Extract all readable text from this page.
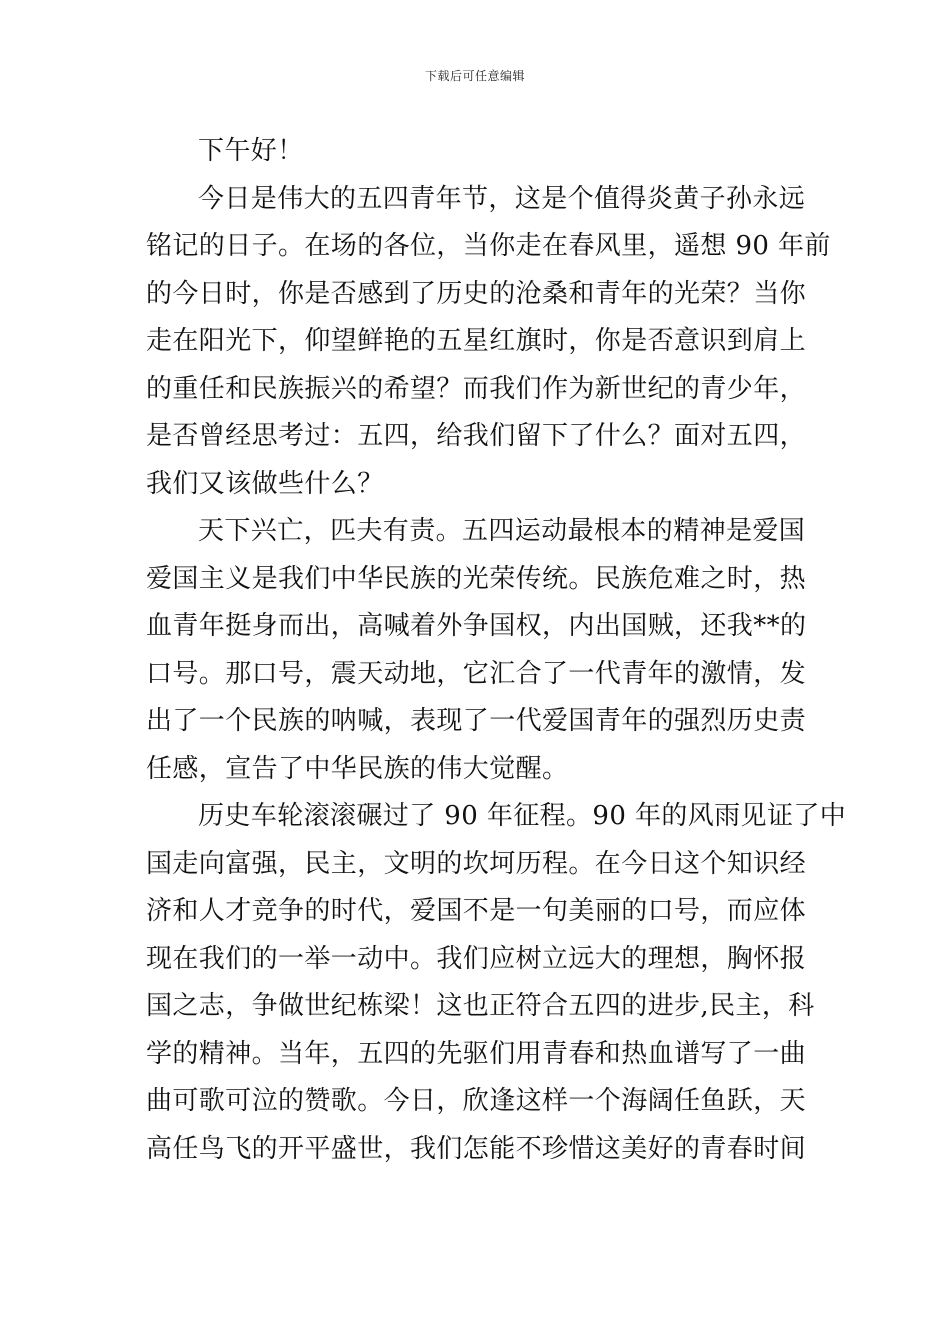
下载后可任意编辑
下午好！
今日是伟大的五四青年节，这是个值得炎黄子孙永远
铭记的日子。在场的各位，当你走在春风里，遥想 90 年前
的今日时，你是否感到了历史的沧桑和青年的光荣？当你
走在阳光下，仰望鲜艳的五星红旗时，你是否意识到肩上
的重任和民族振兴的希望？而我们作为新世纪的青少年，
是否曾经思考过：五四，给我们留下了什么？面对五四，
我们又该做些什么？
天下兴亡，匹夫有责。五四运动最根本的精神是爱国
爱国主义是我们中华民族的光荣传统。民族危难之时，热
血青年挺身而出，高喊着外争国权，内出国贼，还我**的
口号。那口号，震天动地，它汇合了一代青年的激情，发
出了一个民族的呐喊，表现了一代爱国青年的强烈历史责
任感，宣告了中华民族的伟大觉醒。
历史车轮滚滚碾过了 90 年征程。90 年的风雨见证了中
国走向富强，民主，文明的坎坷历程。在今日这个知识经
济和人才竞争的时代，爱国不是一句美丽的口号，而应体
现在我们的一举一动中。我们应树立远大的理想，胸怀报
国之志，争做世纪栋梁！这也正符合五四的进步,民主，科
学的精神。当年，五四的先驱们用青春和热血谱写了一曲
曲可歌可泣的赞歌。今日，欣逢这样一个海阔任鱼跃，天
高任鸟飞的开平盛世，我们怎能不珍惜这美好的青春时间
